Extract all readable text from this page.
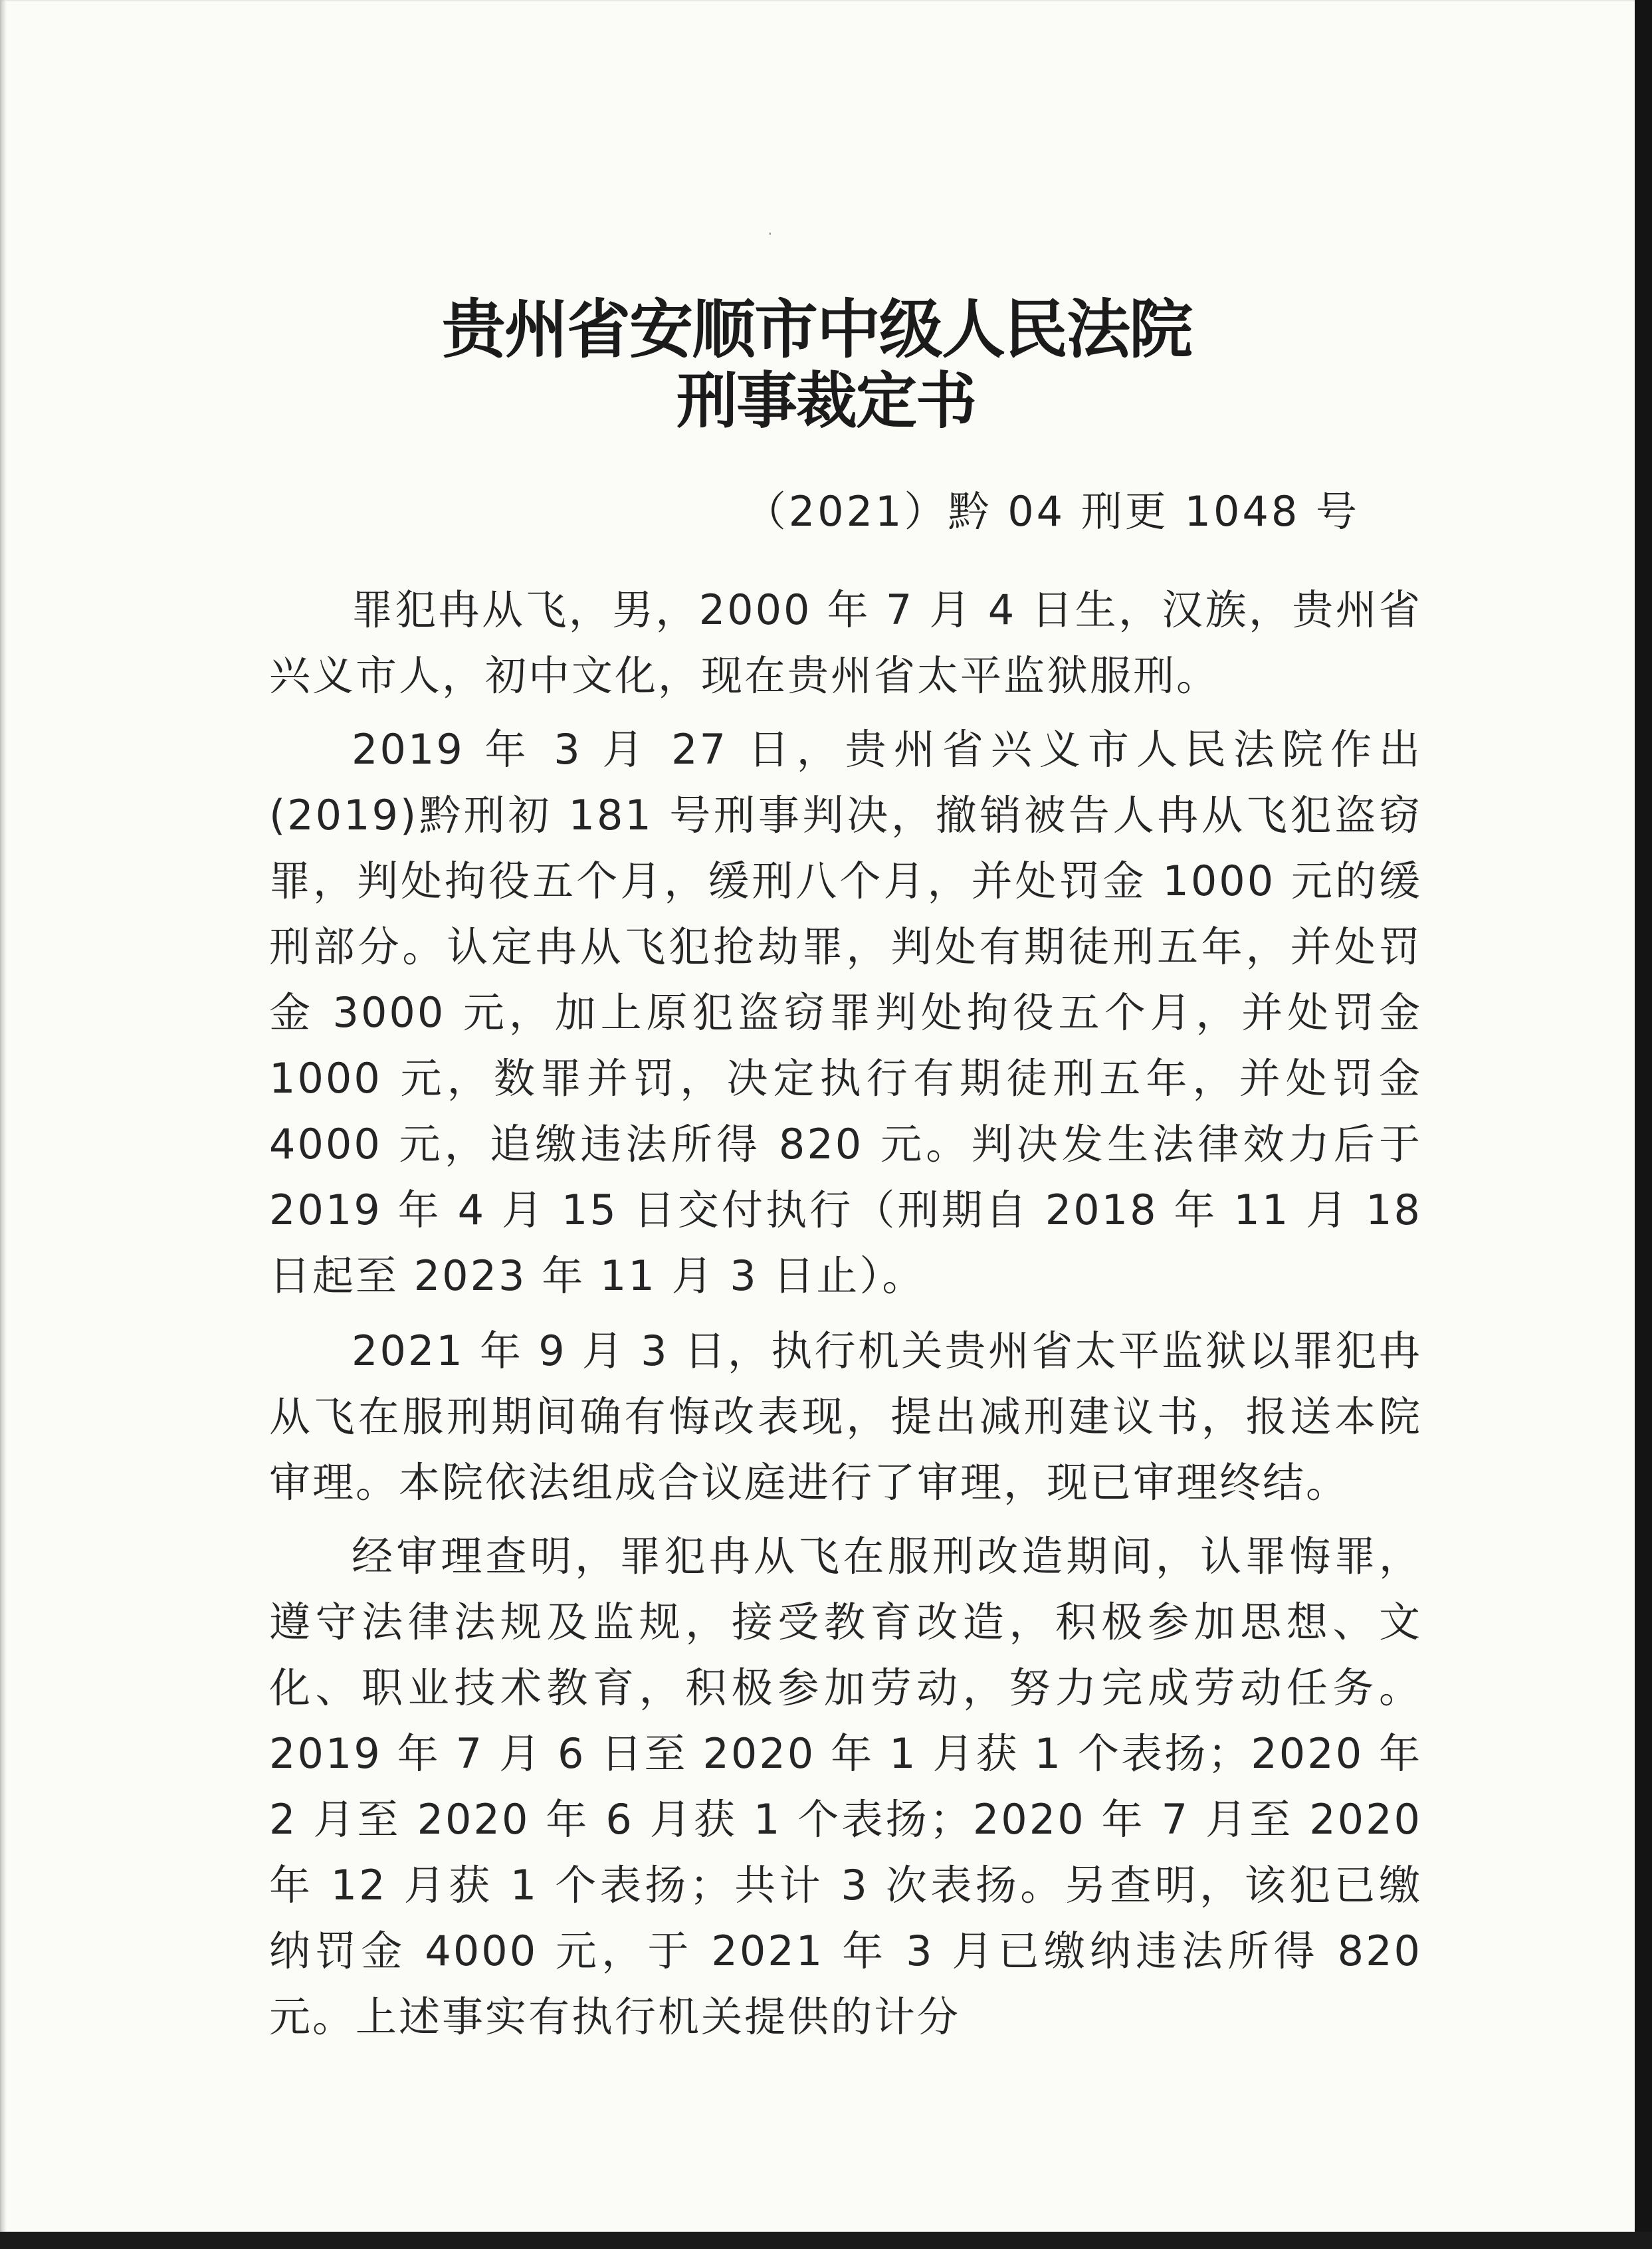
·
贵州省安顺市中级人民法院
刑事裁定书
（2021）黔 04 刑更 1048 号

罪犯冉从飞，男，2000 年 7 月 4 日生，汉族，贵州省兴义市人，初中文化，现在贵州省太平监狱服刑。

2019 年 3 月 27 日，贵州省兴义市人民法院作出(2019)黔刑初 181 号刑事判决，撤销被告人冉从飞犯盗窃罪，判处拘役五个月，缓刑八个月，并处罚金 1000 元的缓刑部分。认定冉从飞犯抢劫罪，判处有期徒刑五年，并处罚金 3000 元，加上原犯盗窃罪判处拘役五个月，并处罚金 1000 元，数罪并罚，决定执行有期徒刑五年，并处罚金 4000 元，追缴违法所得 820 元。判决发生法律效力后于 2019 年 4 月 15 日交付执行（刑期自 2018 年 11 月 18 日起至 2023 年 11 月 3 日止）。

2021 年 9 月 3 日，执行机关贵州省太平监狱以罪犯冉从飞在服刑期间确有悔改表现，提出减刑建议书，报送本院审理。本院依法组成合议庭进行了审理，现已审理终结。

经审理查明，罪犯冉从飞在服刑改造期间，认罪悔罪，遵守法律法规及监规，接受教育改造，积极参加思想、文化、职业技术教育，积极参加劳动，努力完成劳动任务。2019 年 7 月 6 日至 2020 年 1 月获 1 个表扬；2020 年 2 月至 2020 年 6 月获 1 个表扬；2020 年 7 月至 2020 年 12 月获 1 个表扬；共计 3 次表扬。另查明，该犯已缴纳罚金 4000 元，于 2021 年 3 月已缴纳违法所得 820 元。上述事实有执行机关提供的计分
